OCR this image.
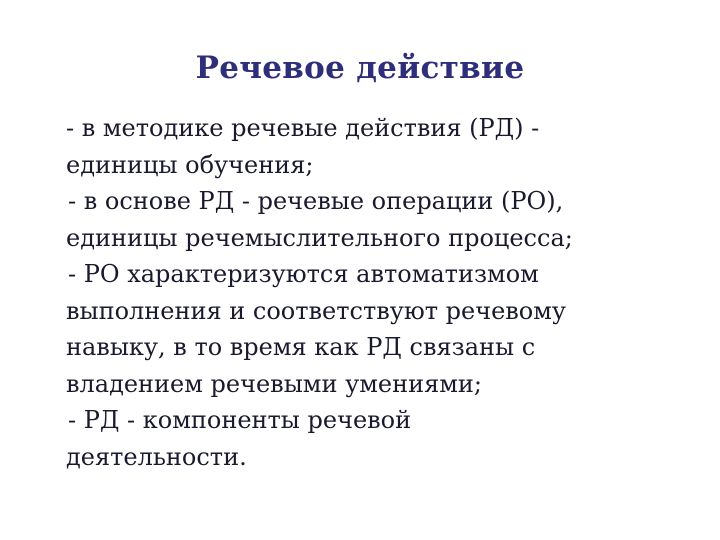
Речевое действие
- в методике речевые действия (РД) -
единицы обучения;
- в основе РД - речевые операции (РО),
единицы речемыслительного процесса;
- РО характеризуются автоматизмом
выполнения и соответствуют речевому
навыку, в то время как РД связаны с
владением речевыми умениями;
- РД - компоненты речевой
деятельности.
